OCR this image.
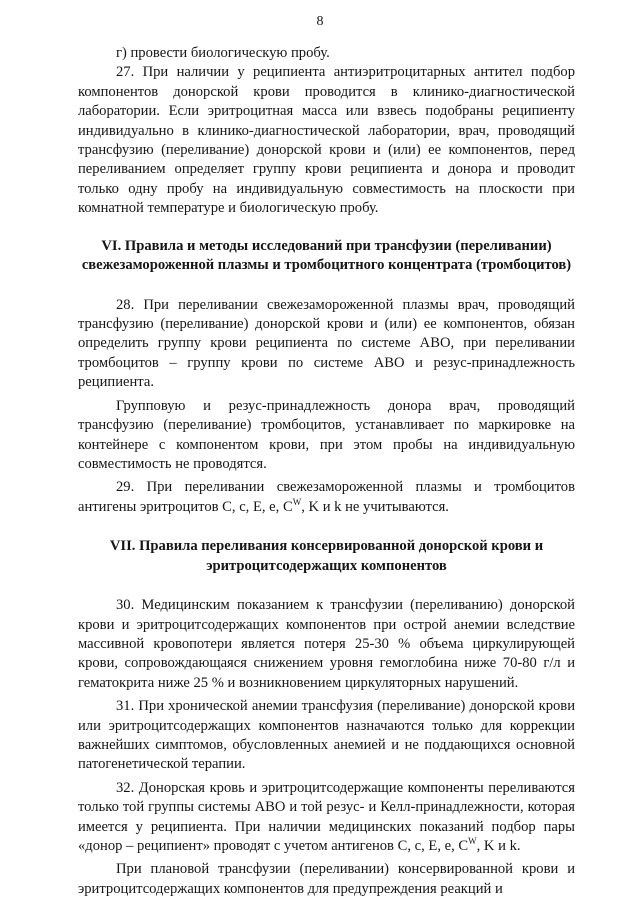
8

г) провести биологическую пробу.

27. При наличии у реципиента антиэритроцитарных антител подбор компонентов донорской крови проводится в клинико-диагностической лаборатории. Если эритроцитная масса или взвесь подобраны реципиенту индивидуально в клинико-диагностической лаборатории, врач, проводящий трансфузию (переливание) донорской крови и (или) ее компонентов, перед переливанием определяет группу крови реципиента и донора и проводит только одну пробу на индивидуальную совместимость на плоскости при комнатной температуре и биологическую пробу.

VI. Правила и методы исследований при трансфузии (переливании) свежезамороженной плазмы и тромбоцитного концентрата (тромбоцитов)

28. При переливании свежезамороженной плазмы врач, проводящий трансфузию (переливание) донорской крови и (или) ее компонентов, обязан определить группу крови реципиента по системе АВО, при переливании тромбоцитов – группу крови по системе АВО и резус-принадлежность реципиента.

Групповую и резус-принадлежность донора врач, проводящий трансфузию (переливание) тромбоцитов, устанавливает по маркировке на контейнере с компонентом крови, при этом пробы на индивидуальную совместимость не проводятся.

29. При переливании свежезамороженной плазмы и тромбоцитов антигены эритроцитов С, с, Е, е, $C^W$, K и k не учитываются.

VII. Правила переливания консервированной донорской крови и эритроцитсодержащих компонентов

30. Медицинским показанием к трансфузии (переливанию) донорской крови и эритроцитсодержащих компонентов при острой анемии вследствие массивной кровопотери является потеря 25-30 % объема циркулирующей крови, сопровождающаяся снижением уровня гемоглобина ниже 70-80 г/л и гематокрита ниже 25 % и возникновением циркуляторных нарушений.

31. При хронической анемии трансфузия (переливание) донорской крови или эритроцитсодержащих компонентов назначаются только для коррекции важнейших симптомов, обусловленных анемией и не поддающихся основной патогенетической терапии.

32. Донорская кровь и эритроцитсодержащие компоненты переливаются только той группы системы АВО и той резус- и Келл-принадлежности, которая имеется у реципиента. При наличии медицинских показаний подбор пары «донор – реципиент» проводят с учетом антигенов С, с, Е, е, $C^W$, K и k.

При плановой трансфузии (переливании) консервированной крови и эритроцитсодержащих компонентов для предупреждения реакций и
